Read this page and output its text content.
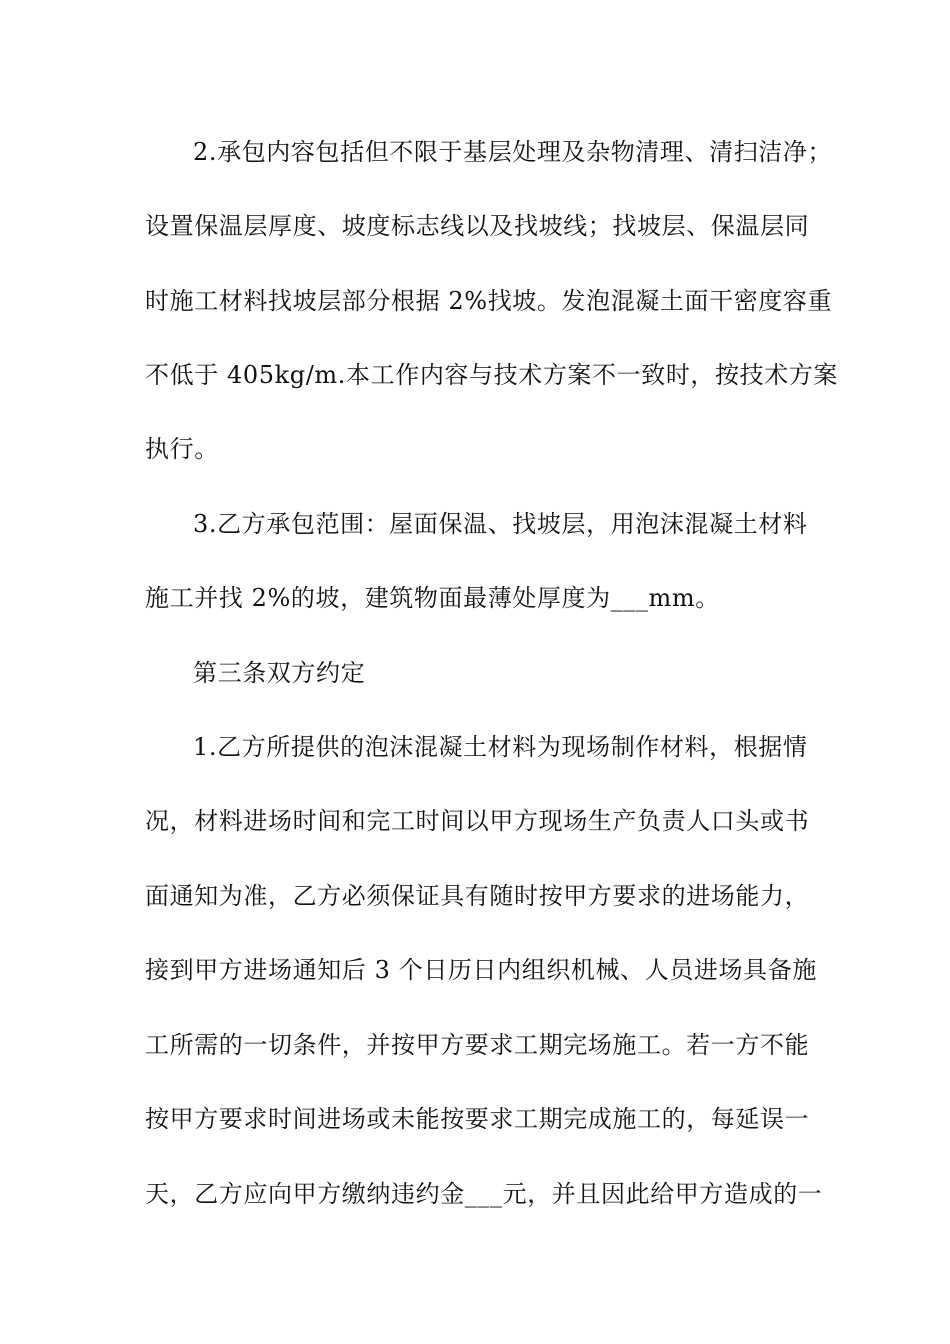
2.承包内容包括但不限于基层处理及杂物清理、清扫洁净；
设置保温层厚度、坡度标志线以及找坡线；找坡层、保温层同
时施工材料找坡层部分根据 2%找坡。发泡混凝土面干密度容重
不低于 405kg/m.本工作内容与技术方案不一致时，按技术方案
执行。
3.乙方承包范围：屋面保温、找坡层，用泡沫混凝土材料
施工并找 2%的坡，建筑物面最薄处厚度为___mm。
第三条双方约定
1.乙方所提供的泡沫混凝土材料为现场制作材料，根据情
况，材料进场时间和完工时间以甲方现场生产负责人口头或书
面通知为准，乙方必须保证具有随时按甲方要求的进场能力，
接到甲方进场通知后 3 个日历日内组织机械、人员进场具备施
工所需的一切条件，并按甲方要求工期完场施工。若一方不能
按甲方要求时间进场或未能按要求工期完成施工的，每延误一
天，乙方应向甲方缴纳违约金___元，并且因此给甲方造成的一
